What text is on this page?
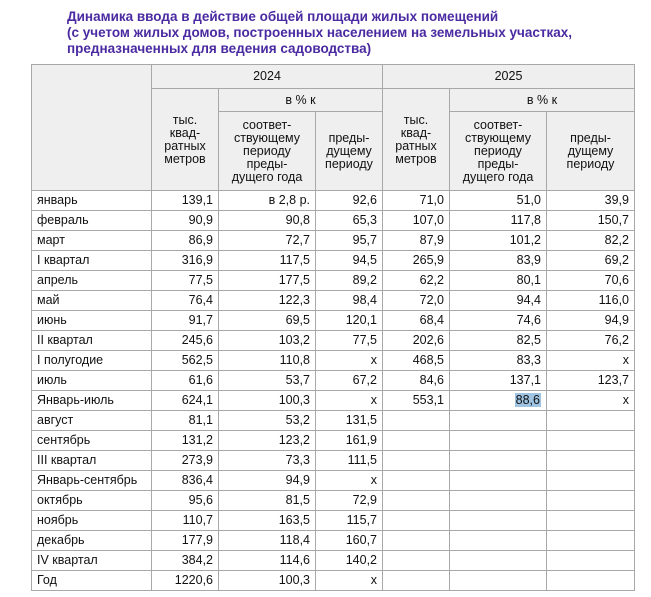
Динамика ввода в действие общей площади жилых помещений
(с учетом жилых домов, построенных населением на земельных участках,
предназначенных для ведения садоводства)
	2024			2025		
	тыс.
квад-
ратных
метров	в % к		тыс.
квад-
ратных
метров	в % к	
		соответ-
ствующему
периоду
преды-
дущего года	преды-
дущему
периоду		соответ-
ствующему
периоду
преды-
дущего года	преды-
дущему
периоду
январь	139,1	в 2,8 р.	92,6	71,0	51,0	39,9
февраль	90,9	90,8	65,3	107,0	117,8	150,7
март	86,9	72,7	95,7	87,9	101,2	82,2
I квартал	316,9	117,5	94,5	265,9	83,9	69,2
апрель	77,5	177,5	89,2	62,2	80,1	70,6
май	76,4	122,3	98,4	72,0	94,4	116,0
июнь	91,7	69,5	120,1	68,4	74,6	94,9
II квартал	245,6	103,2	77,5	202,6	82,5	76,2
I полугодие	562,5	110,8	x	468,5	83,3	x
июль	61,6	53,7	67,2	84,6	137,1	123,7
Январь-июль	624,1	100,3	x	553,1	88,6	x
август	81,1	53,2	131,5			
сентябрь	131,2	123,2	161,9			
III квартал	273,9	73,3	111,5			
Январь-сентябрь	836,4	94,9	x			
октябрь	95,6	81,5	72,9			
ноябрь	110,7	163,5	115,7			
декабрь	177,9	118,4	160,7			
IV квартал	384,2	114,6	140,2			
Год	1220,6	100,3	x			
